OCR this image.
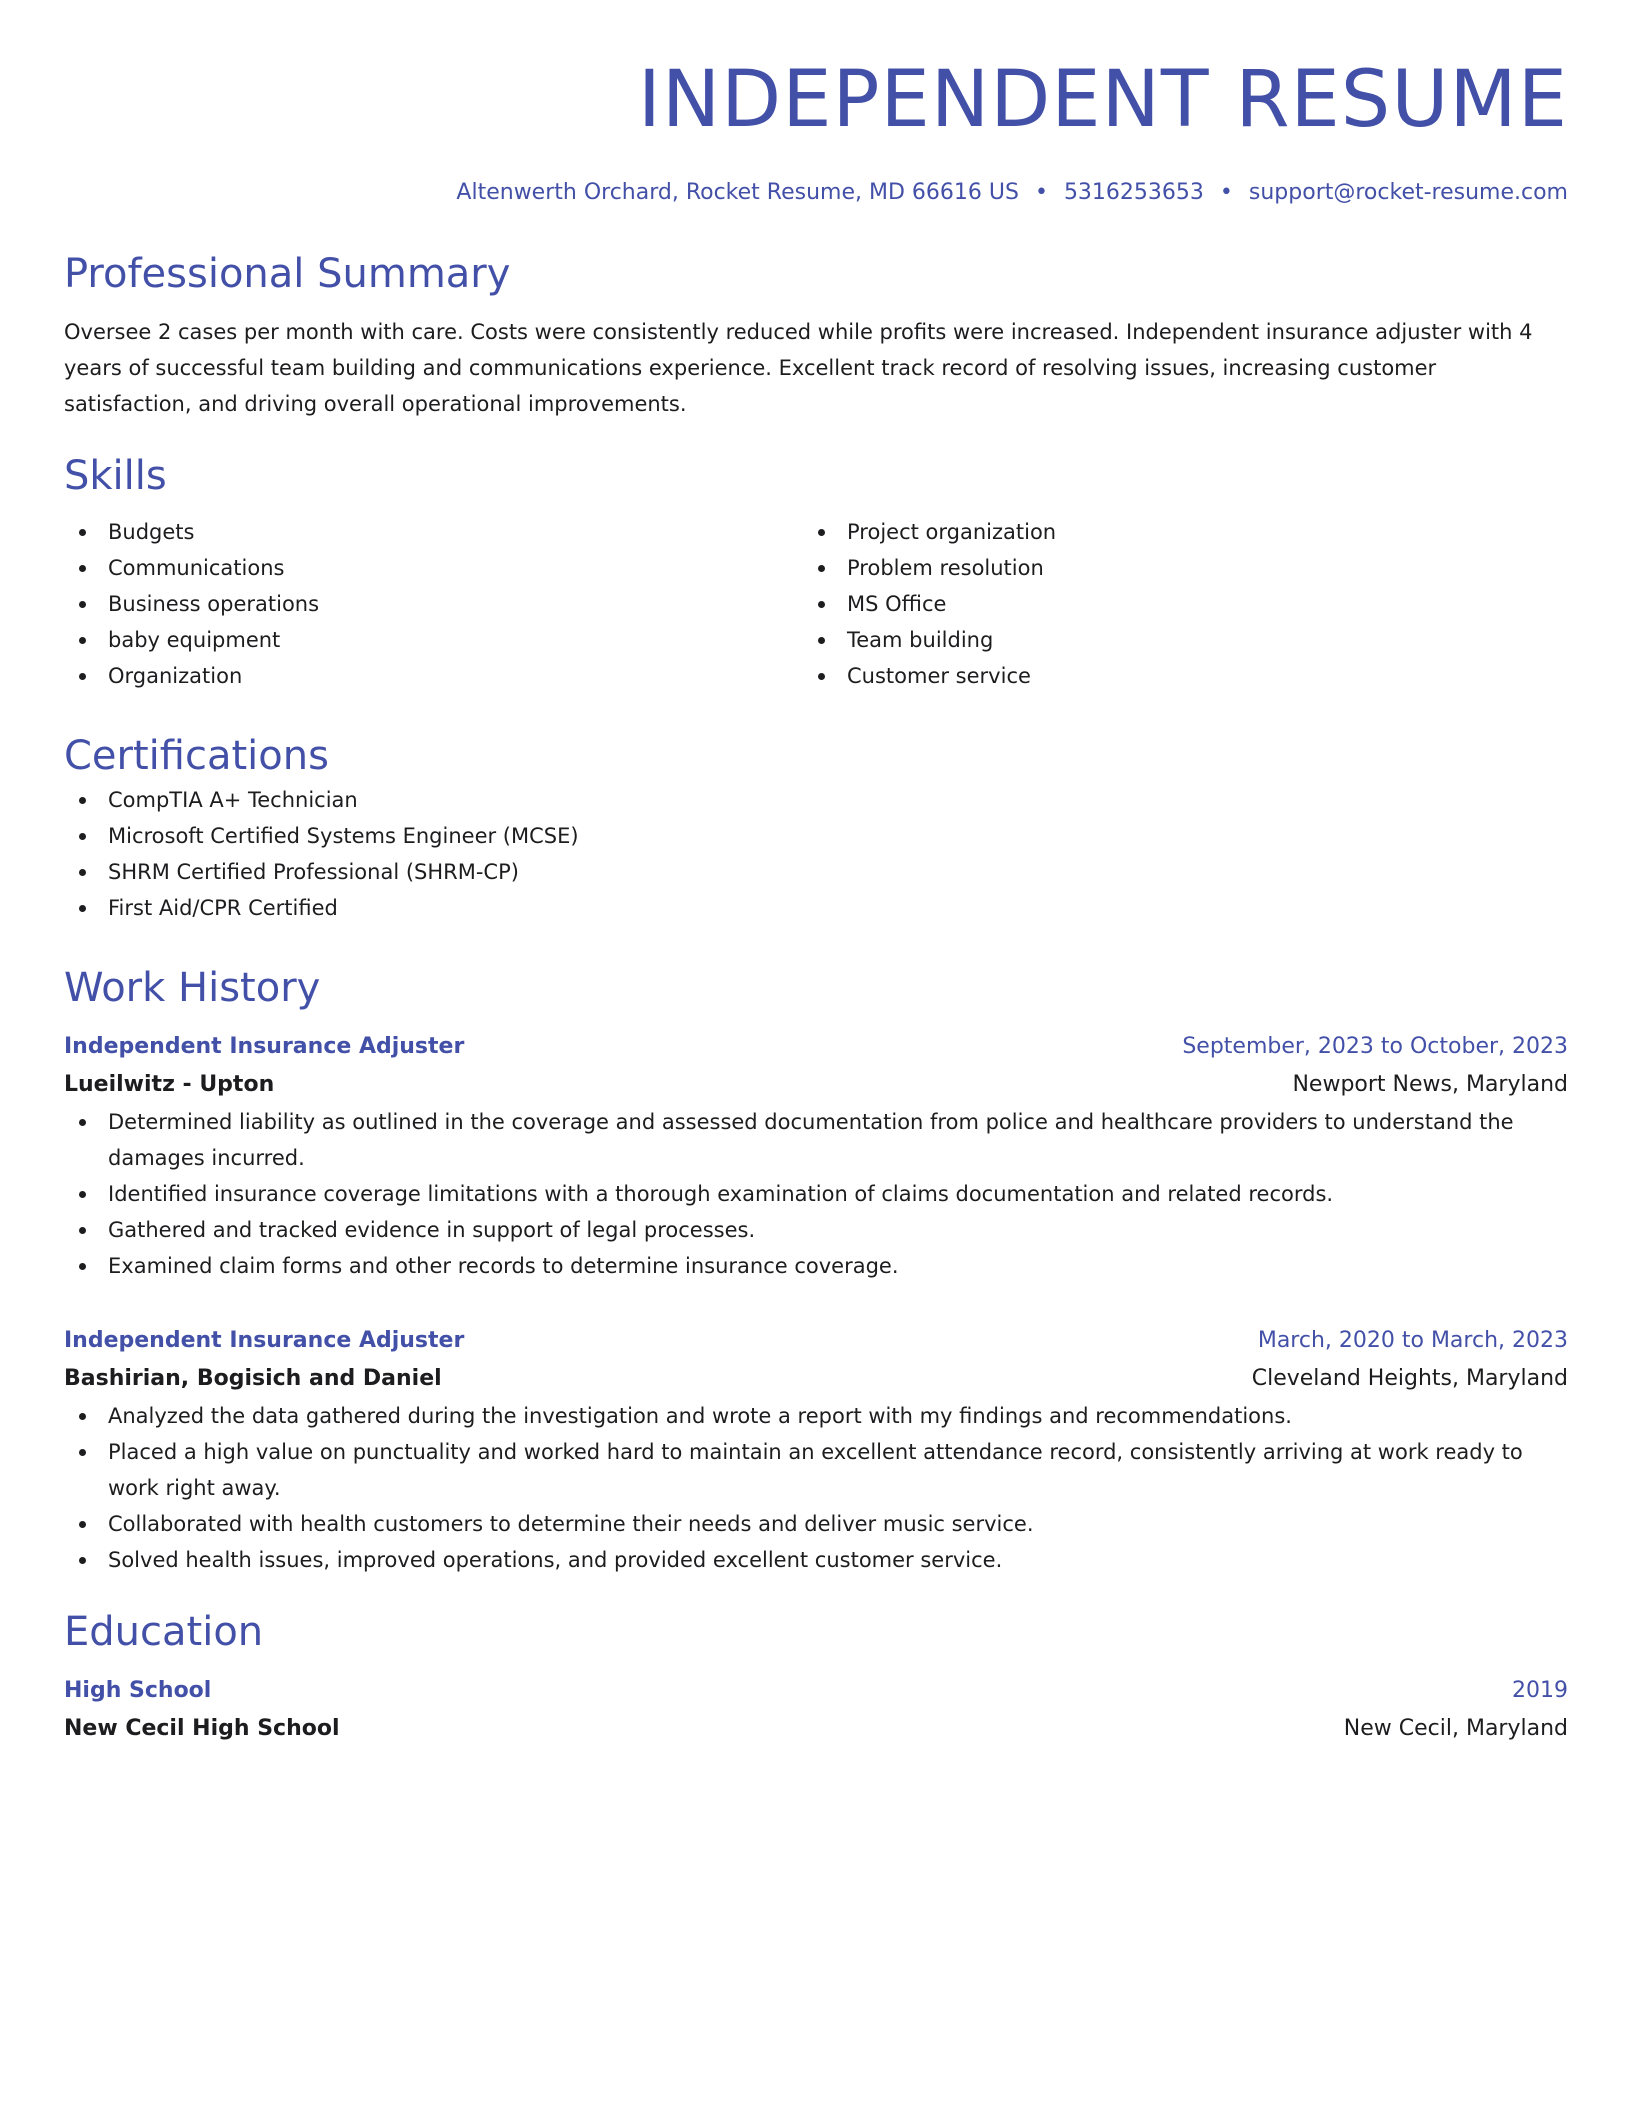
INDEPENDENT RESUME
Altenwerth Orchard, Rocket Resume, MD 66616 US • 5316253653 • support@rocket-resume.com
Professional Summary
Oversee 2 cases per month with care. Costs were consistently reduced while profits were increased. Independent insurance adjuster with 4 years of successful team building and communications experience. Excellent track record of resolving issues, increasing customer satisfaction, and driving overall operational improvements.
Skills
Budgets
Communications
Business operations
baby equipment
Organization
Project organization
Problem resolution
MS Office
Team building
Customer service
Certifications
CompTIA A+ Technician
Microsoft Certified Systems Engineer (MCSE)
SHRM Certified Professional (SHRM-CP)
First Aid/CPR Certified
Work History
Independent Insurance Adjuster	September, 2023 to October, 2023
Lueilwitz - Upton	Newport News, Maryland
Determined liability as outlined in the coverage and assessed documentation from police and healthcare providers to understand the damages incurred.
Identified insurance coverage limitations with a thorough examination of claims documentation and related records.
Gathered and tracked evidence in support of legal processes.
Examined claim forms and other records to determine insurance coverage.
Independent Insurance Adjuster	March, 2020 to March, 2023
Bashirian, Bogisich and Daniel	Cleveland Heights, Maryland
Analyzed the data gathered during the investigation and wrote a report with my findings and recommendations.
Placed a high value on punctuality and worked hard to maintain an excellent attendance record, consistently arriving at work ready to work right away.
Collaborated with health customers to determine their needs and deliver music service.
Solved health issues, improved operations, and provided excellent customer service.
Education
High School	2019
New Cecil High School	New Cecil, Maryland
